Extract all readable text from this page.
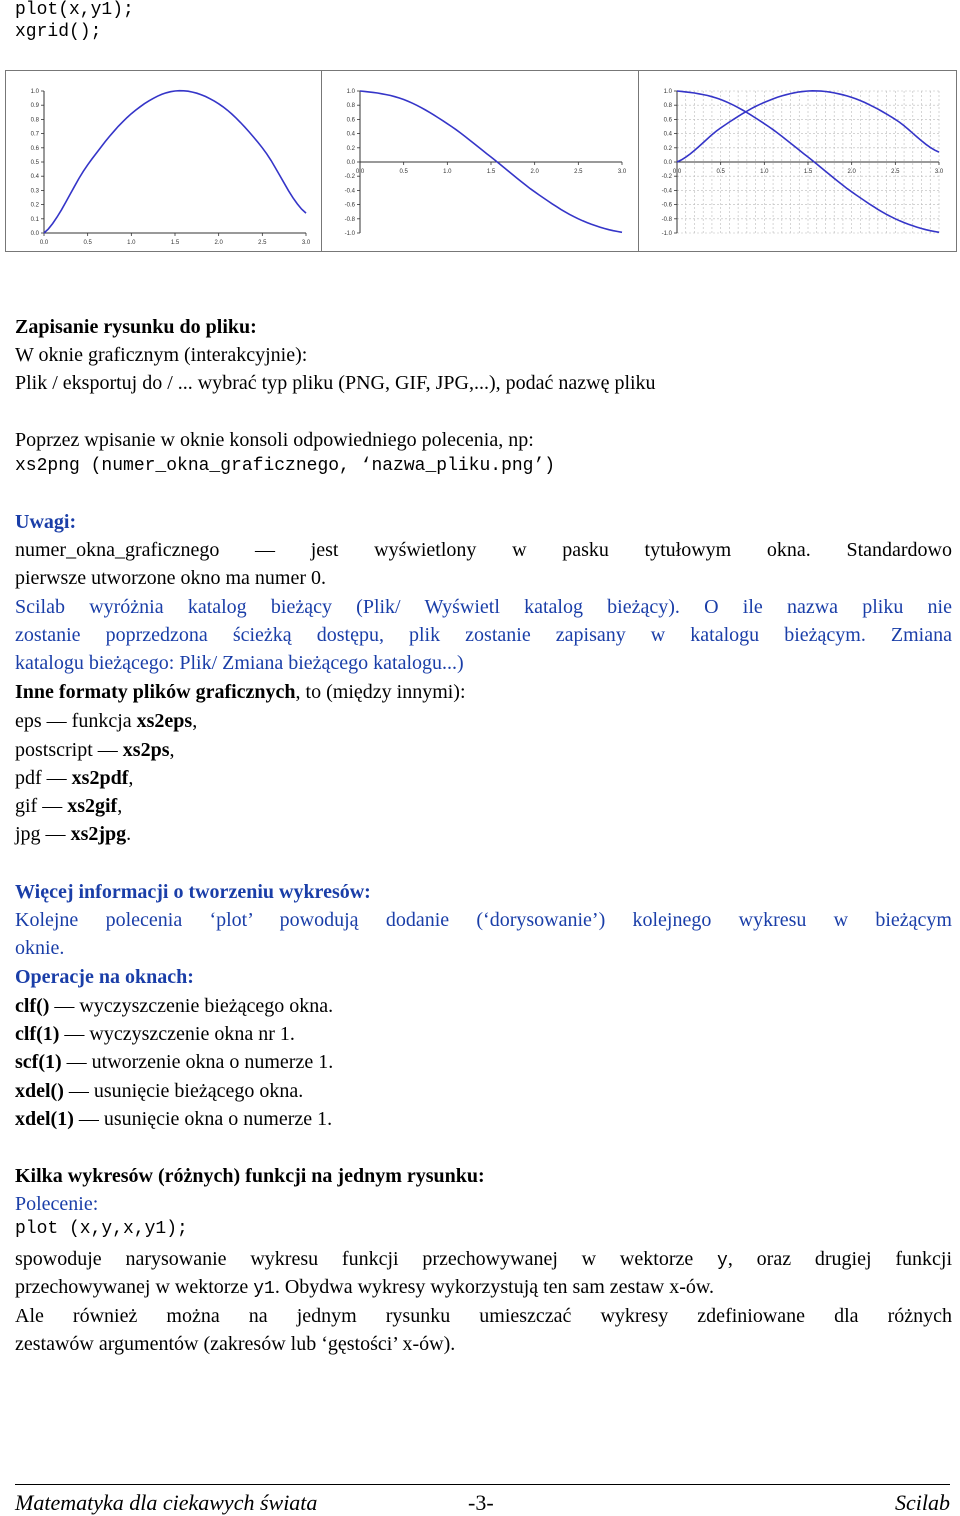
plot(x,y1);
xgrid();
0.0	0.5	1.0	1.5	2.0	2.5	3.0
0.0
0.1
0.2
0.3
0.4
0.5
0.6
0.7
0.8
0.9
1.0
0.0	0.5	1.0	1.5	2.0	2.5	3.0
1.0
0.8
0.6
0.4
0.2
0.0
-0.2
-0.4
-0.6
-0.8
-1.0
0.0	0.5	1.0	1.5	2.0	2.5	3.0
1.0
0.8
0.6
0.4
0.2
0.0
-0.2
-0.4
-0.6
-0.8
-1.0
Zapisanie rysunku do pliku:
W oknie graficznym (interakcyjnie):
Plik / eksportuj do / ... wybrać typ pliku (PNG, GIF, JPG,...), podać nazwę pliku
Poprzez wpisanie w oknie konsoli odpowiedniego polecenia, np:
xs2png (numer_okna_graficznego, ‘nazwa_pliku.png’)
Uwagi:
numer_okna_graficznego — jest wyświetlony w pasku tytułowym okna. Standardowo
pierwsze utworzone okno ma numer 0.
Scilab wyróżnia katalog bieżący (Plik/ Wyświetl katalog bieżący). O ile nazwa pliku nie
zostanie poprzedzona ścieżką dostępu, plik zostanie zapisany w katalogu bieżącym. Zmiana
katalogu bieżącego: Plik/ Zmiana bieżącego katalogu...)
Inne formaty plików graficznych, to (między innymi):
eps — funkcja xs2eps,
postscript — xs2ps,
pdf — xs2pdf,
gif — xs2gif,
jpg — xs2jpg.
Więcej informacji o tworzeniu wykresów:
Kolejne polecenia ‘plot’ powodują dodanie (‘dorysowanie’) kolejnego wykresu w bieżącym
oknie.
Operacje na oknach:
clf() — wyczyszczenie bieżącego okna.
clf(1) — wyczyszczenie okna nr 1.
scf(1) — utworzenie okna o numerze 1.
xdel() — usunięcie bieżącego okna.
xdel(1) — usunięcie okna o numerze 1.
Kilka wykresów (różnych) funkcji na jednym rysunku:
Polecenie:
plot (x,y,x,y1);
spowoduje narysowanie wykresu funkcji przechowywanej w wektorze y, oraz drugiej funkcji
przechowywanej w wektorze y1. Obydwa wykresy wykorzystują ten sam zestaw x-ów.
Ale również można na jednym rysunku umieszczać wykresy zdefiniowane dla różnych
zestawów argumentów (zakresów lub ‘gęstości’ x-ów).
Matematyka dla ciekawych świata	-3-	Scilab
